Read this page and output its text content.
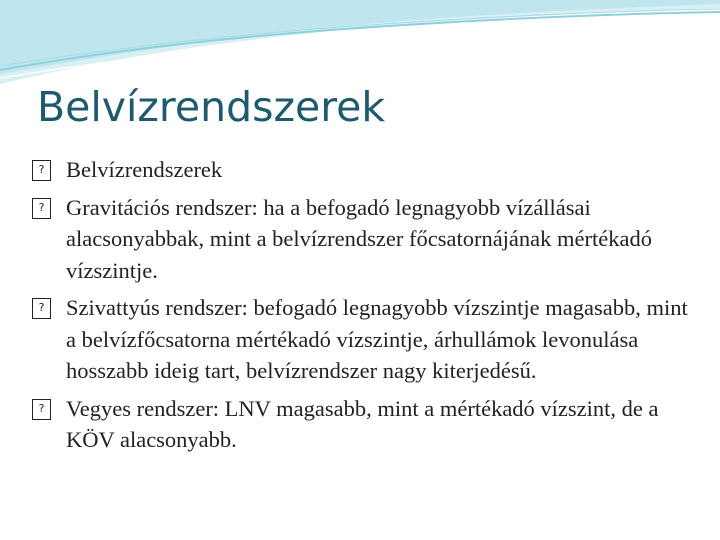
Belvízrendszerek
? Belvízrendszerek
? Gravitációs rendszer: ha a befogadó legnagyobb vízállásai alacsonyabbak, mint a belvízrendszer főcsatornájának mértékadó vízszintje.
? Szivattyús rendszer: befogadó legnagyobb vízszintje magasabb, mint a belvízfőcsatorna mértékadó vízszintje, árhullámok levonulása hosszabb ideig tart, belvízrendszer nagy kiterjedésű.
? Vegyes rendszer: LNV magasabb, mint a mértékadó vízszint, de a KÖV alacsonyabb.
